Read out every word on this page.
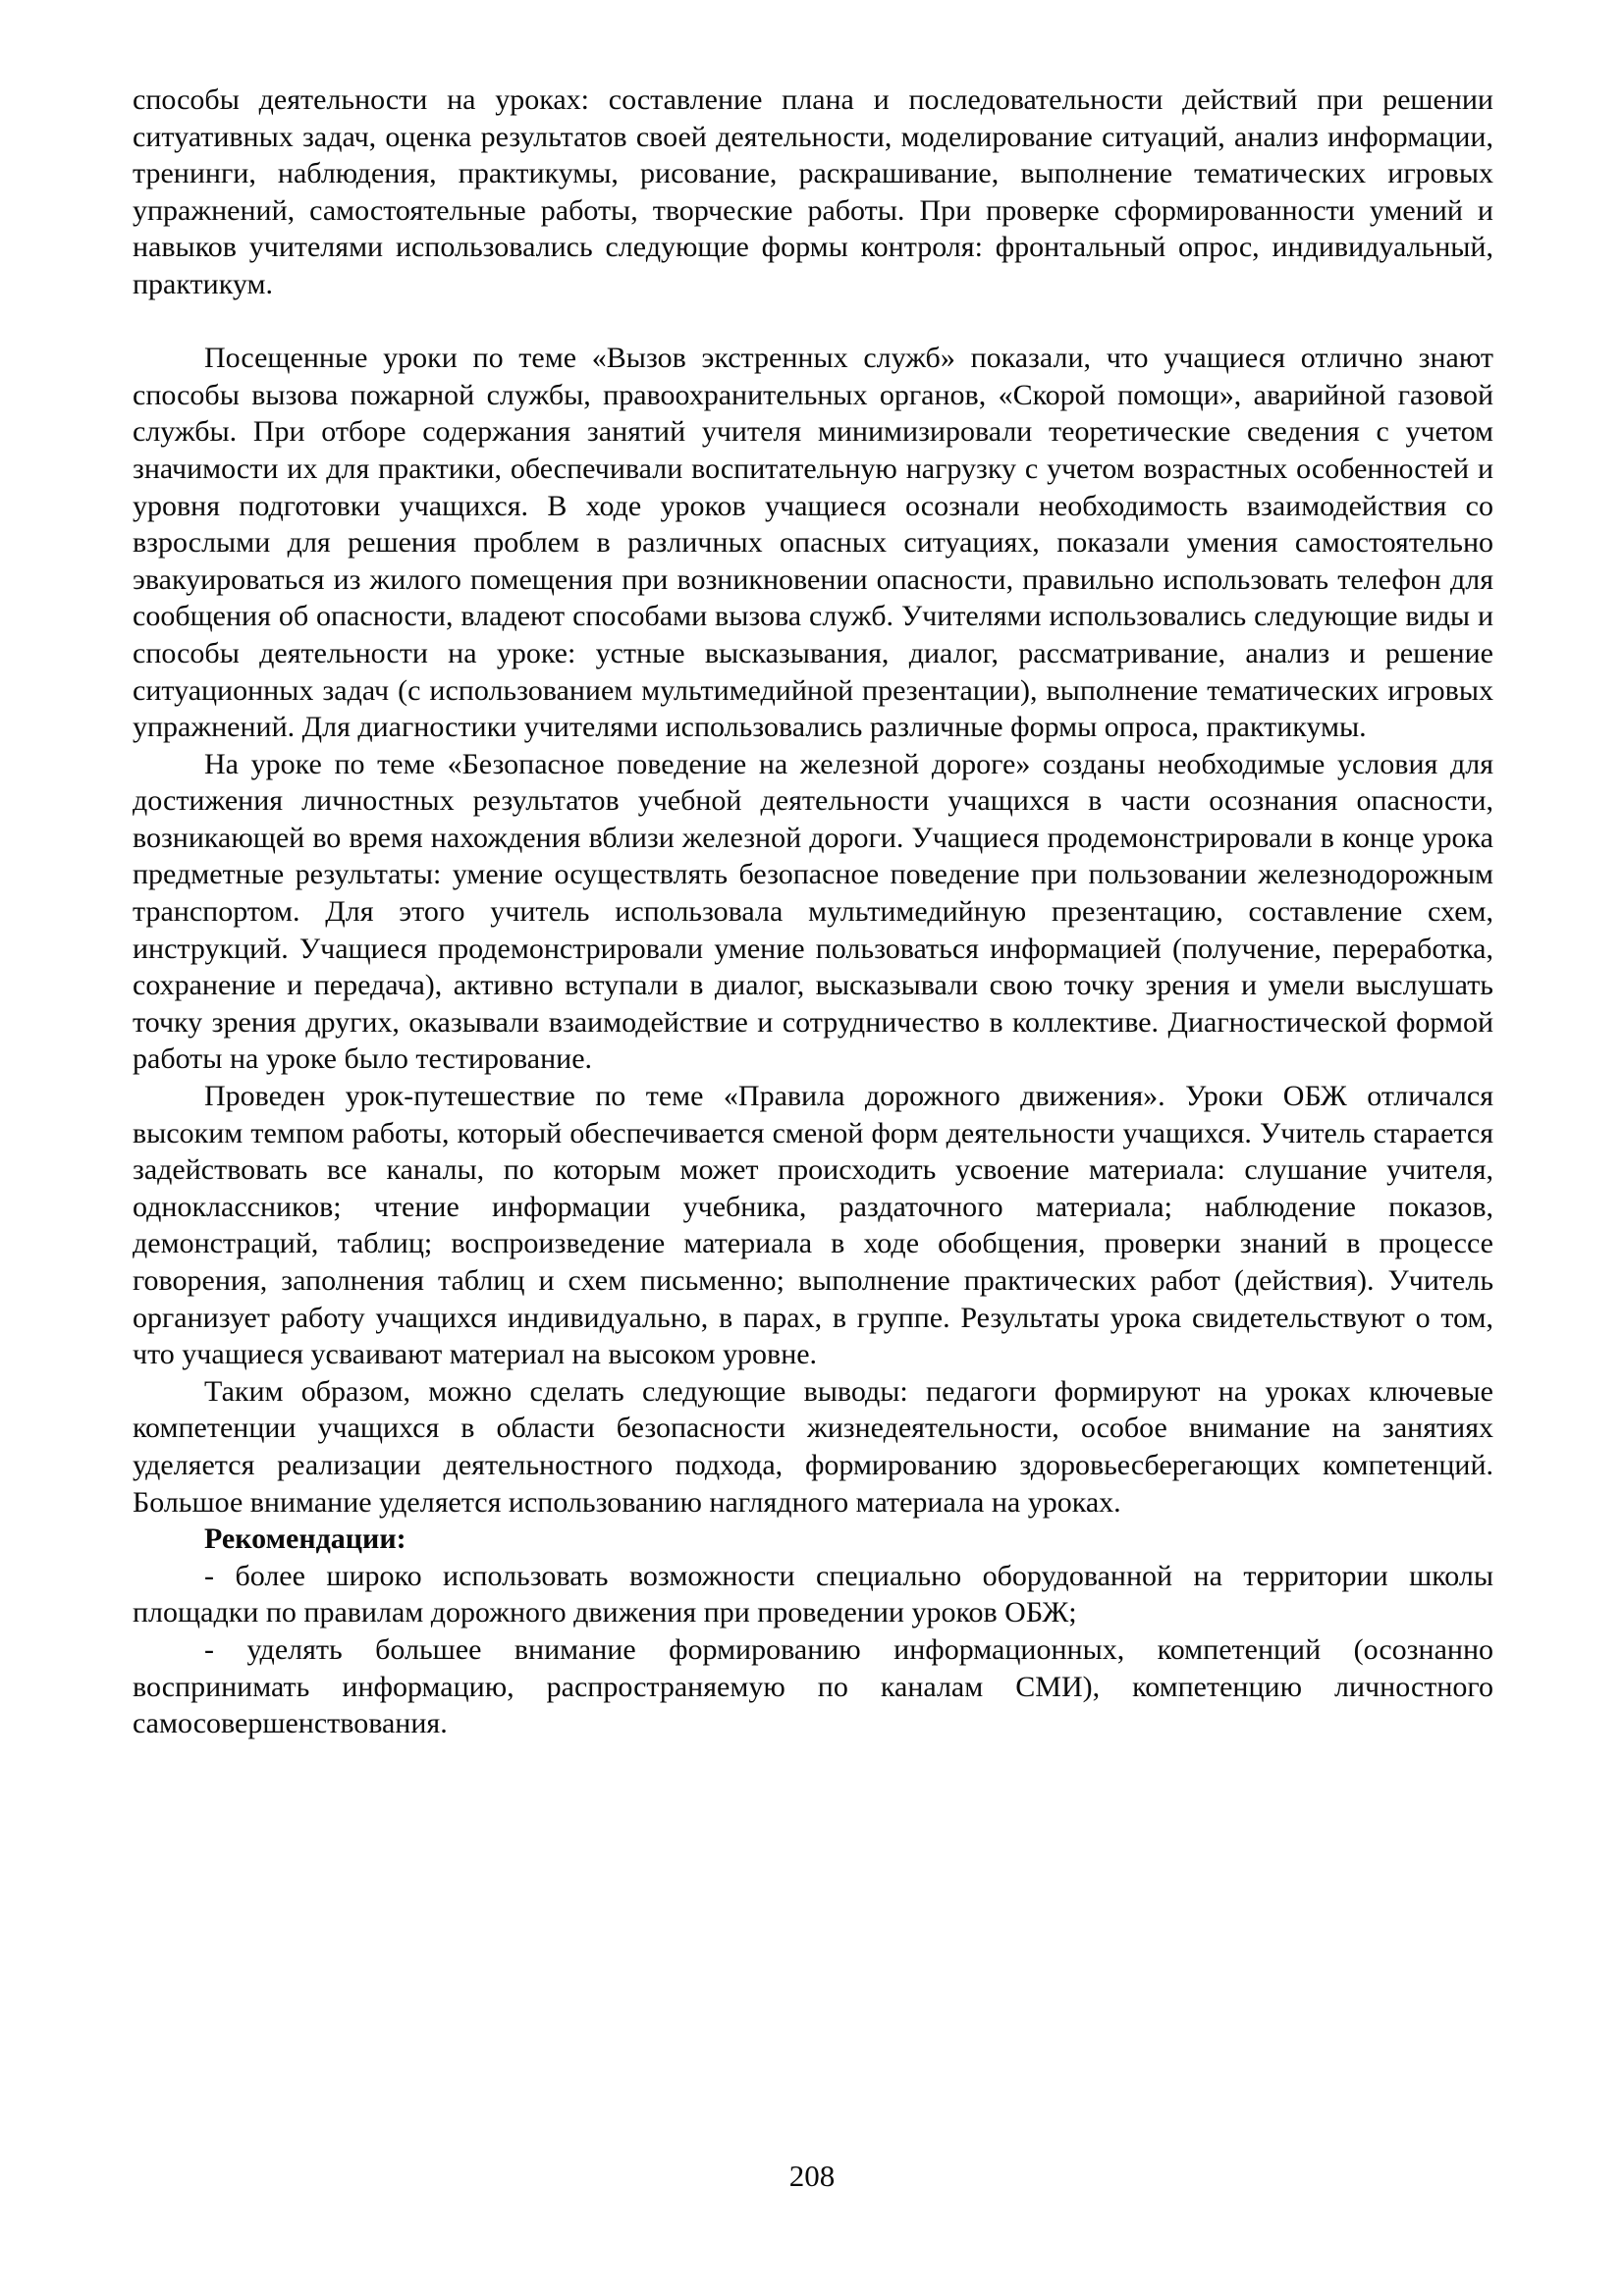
способы деятельности на уроках: составление плана и последовательности действий при решении ситуативных задач, оценка результатов своей деятельности, моделирование ситуаций, анализ информации, тренинги, наблюдения, практикумы, рисование, раскрашивание, выполнение тематических игровых упражнений, самостоятельные работы, творческие работы. При проверке сформированности умений и навыков учителями использовались следующие формы контроля: фронтальный опрос, индивидуальный, практикум.

Посещенные уроки по теме «Вызов экстренных служб» показали, что учащиеся отлично знают способы вызова пожарной службы, правоохранительных органов, «Скорой помощи», аварийной газовой службы. При отборе содержания занятий учителя минимизировали теоретические сведения с учетом значимости их для практики, обеспечивали воспитательную нагрузку с учетом возрастных особенностей и уровня подготовки учащихся. В ходе уроков учащиеся осознали необходимость взаимодействия со взрослыми для решения проблем в различных опасных ситуациях, показали умения самостоятельно эвакуироваться из жилого помещения при возникновении опасности, правильно использовать телефон для сообщения об опасности, владеют способами вызова служб. Учителями использовались следующие виды и способы деятельности на уроке: устные высказывания, диалог, рассматривание, анализ и решение ситуационных задач (с использованием мультимедийной презентации), выполнение тематических игровых упражнений. Для диагностики учителями использовались различные формы опроса, практикумы.

На уроке по теме «Безопасное поведение на железной дороге» созданы необходимые условия для достижения личностных результатов учебной деятельности учащихся в части осознания опасности, возникающей во время нахождения вблизи железной дороги. Учащиеся продемонстрировали в конце урока предметные результаты: умение осуществлять безопасное поведение при пользовании железнодорожным транспортом. Для этого учитель использовала мультимедийную презентацию, составление схем, инструкций. Учащиеся продемонстрировали умение пользоваться информацией (получение, переработка, сохранение и передача), активно вступали в диалог, высказывали свою точку зрения и умели выслушать точку зрения других, оказывали взаимодействие и сотрудничество в коллективе. Диагностической формой работы на уроке было тестирование.

Проведен урок-путешествие по теме «Правила дорожного движения». Уроки ОБЖ отличался высоким темпом работы, который обеспечивается сменой форм деятельности учащихся. Учитель старается задействовать все каналы, по которым может происходить усвоение материала: слушание учителя, одноклассников; чтение информации учебника, раздаточного материала; наблюдение показов, демонстраций, таблиц; воспроизведение материала в ходе обобщения, проверки знаний в процессе говорения, заполнения таблиц и схем письменно; выполнение практических работ (действия). Учитель организует работу учащихся индивидуально, в парах, в группе. Результаты урока свидетельствуют о том, что учащиеся усваивают материал на высоком уровне.

Таким образом, можно сделать следующие выводы: педагоги формируют на уроках ключевые компетенции учащихся в области безопасности жизнедеятельности, особое внимание на занятиях уделяется реализации деятельностного подхода, формированию здоровьесберегающих компетенций. Большое внимание уделяется использованию наглядного материала на уроках.

Рекомендации:

- более широко использовать возможности специально оборудованной на территории школы площадки по правилам дорожного движения при проведении уроков ОБЖ;

- уделять большее внимание формированию информационных, компетенций (осознанно воспринимать информацию, распространяемую по каналам СМИ), компетенцию личностного самосовершенствования.

208
